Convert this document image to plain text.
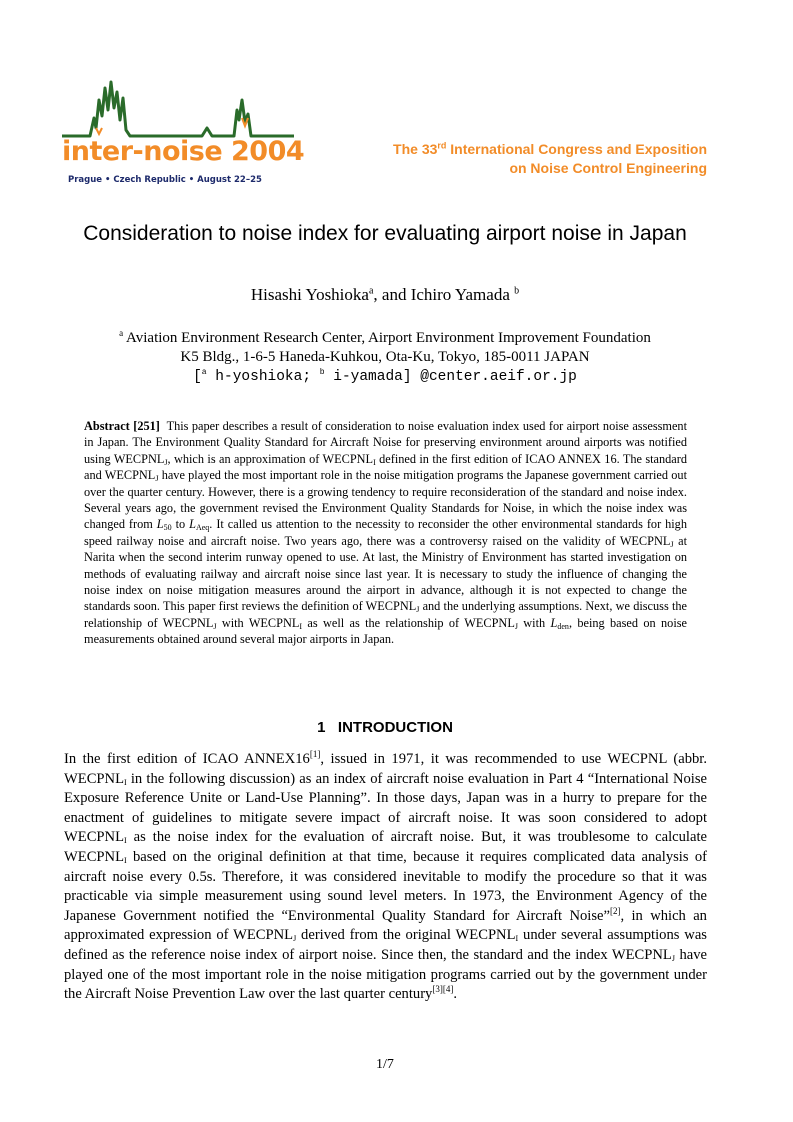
inter-noise 2004
Prague • Czech Republic • August 22–25
The 33rd International Congress and Exposition
on Noise Control Engineering
Consideration to noise index for evaluating airport noise in Japan
Hisashi Yoshioka$^a$, and Ichiro Yamada $^b$
$^a$ Aviation Environment Research Center, Airport Environment Improvement Foundation
K5 Bldg., 1-6-5 Haneda-Kuhkou, Ota-Ku, Tokyo, 185-0011 JAPAN
[$^a$ h-yoshioka; $^b$ i-yamada] @center.aeif.or.jp
Abstract [251] This paper describes a result of consideration to noise evaluation index used for airport noise assessment in Japan. The Environment Quality Standard for Aircraft Noise for preserving environment around airports was notified using $WECPNL_J$, which is an approximation of $WECPNL_I$ defined in the first edition of ICAO ANNEX 16. The standard and $WECPNL_J$ have played the most important role in the noise mitigation programs the Japanese government carried out over the quarter century. However, there is a growing tendency to require reconsideration of the standard and noise index. Several years ago, the government revised the Environment Quality Standards for Noise, in which the noise index was changed from $L_{50}$ to $L_{Aeq}$. It called us attention to the necessity to reconsider the other environmental standards for high speed railway noise and aircraft noise. Two years ago, there was a controversy raised on the validity of $WECPNL_J$ at Narita when the second interim runway opened to use. At last, the Ministry of Environment has started investigation on methods of evaluating railway and aircraft noise since last year. It is necessary to study the influence of changing the noise index on noise mitigation measures around the airport in advance, although it is not expected to change the standards soon. This paper first reviews the definition of $WECPNL_J$ and the underlying assumptions. Next, we discuss the relationship of $WECPNL_J$ with $WECPNL_I$ as well as the relationship of $WECPNL_J$ with $L_{den}$, being based on noise measurements obtained around several major airports in Japan.
1   INTRODUCTION
In the first edition of ICAO ANNEX16[1], issued in 1971, it was recommended to use WECPNL (abbr. $WECPNL_I$ in the following discussion) as an index of aircraft noise evaluation in Part 4 “International Noise Exposure Reference Unite or Land-Use Planning”. In those days, Japan was in a hurry to prepare for the enactment of guidelines to mitigate severe impact of aircraft noise. It was soon considered to adopt $WECPNL_I$ as the noise index for the evaluation of aircraft noise. But, it was troublesome to calculate $WECPNL_I$ based on the original definition at that time, because it requires complicated data analysis of aircraft noise every 0.5s. Therefore, it was considered inevitable to modify the procedure so that it was practicable via simple measurement using sound level meters. In 1973, the Environment Agency of the Japanese Government notified the “Environmental Quality Standard for Aircraft Noise”[2], in which an approximated expression of $WECPNL_J$ derived from the original $WECPNL_I$ under several assumptions was defined as the reference noise index of airport noise. Since then, the standard and the index $WECPNL_J$ have played one of the most important role in the noise mitigation programs carried out by the government under the Aircraft Noise Prevention Law over the last quarter century[3][4].
1/7
